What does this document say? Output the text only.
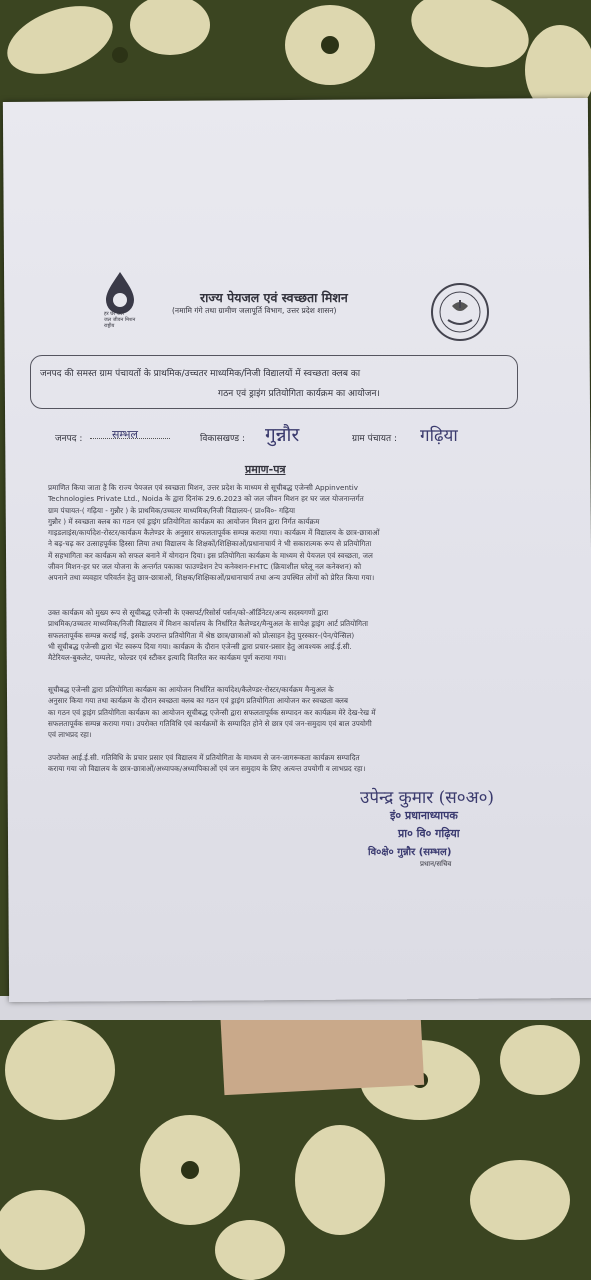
हर घर जल
जल जीवन मिशन
राष्ट्रीय
राज्य पेयजल एवं स्वच्छता मिशन
(नमामि गंगे तथा ग्रामीण जलापूर्ति विभाग, उत्तर प्रदेश शासन)
जनपद की समस्त ग्राम पंचायतों के प्राथमिक/उच्चतर माध्यमिक/निजी विद्यालयों में स्वच्छता क्लब का
गठन एवं ड्राइंग प्रतियोगिता कार्यक्रम का आयोजन।
जनपद :	सम्भल	विकासखण्ड : गुन्नौर	ग्राम पंचायत : गढ़िया
प्रमाण-पत्र
प्रमाणित किया जाता है कि राज्य पेयजल एवं स्वच्छता मिशन, उत्तर प्रदेश के माध्यम से सूचीबद्ध एजेन्सी Appinventiv
Technologies Private Ltd., Noida के द्वारा दिनांक 29.6.2023 को जल जीवन मिशन हर घर जल योजनान्तर्गत
ग्राम पंचायत-( गढ़िया - गुन्नौर ) के प्राथमिक/उच्चतर माध्यमिक/निजी विद्यालय-( प्रा०वि०- गढ़िया
गुन्नौर ) में स्वच्छता क्लब का गठन एवं ड्राइंग प्रतियोगिता कार्यक्रम का आयोजन मिशन द्वारा निर्गत कार्यक्रम
गाइडलाइंस/कार्यादेश-रोस्टर/कार्यक्रम कैलेण्डर के अनुसार सफलतापूर्वक सम्पन्न कराया गया। कार्यक्रम में विद्यालय के छात्र-छात्राओं
ने बढ़-चढ़ कर उत्साहपूर्वक हिस्सा लिया तथा विद्यालय के शिक्षकों/शिक्षिकाओं/प्रधानाचार्य ने भी सकारात्मक रूप से प्रतियोगिता
में सहभागिता कर कार्यक्रम को सफल बनाने में योगदान दिया। इस प्रतियोगिता कार्यक्रम के माध्यम से पेयजल एवं स्वच्छता, जल
जीवन मिशन-हर घर जल योजना के अन्तर्गत पकाका फाउण्डेशन टेप कनेक्शन-FHTC (क्रियाशील घरेलू नल कनेक्शन) को
अपनाने तथा व्यवहार परिवर्तन हेतु छात्र-छात्राओं, शिक्षक/शिक्षिकाओं/प्रधानाचार्य तथा अन्य उपस्थित लोगों को प्रेरित किया गया।
उक्त कार्यक्रम को मुख्य रूप से सूचीबद्ध एजेन्सी के एक्सपर्ट/रिसोर्स पर्सन/को-ऑर्डिनेटर/अन्य सदस्यगणों द्वारा
प्राथमिक/उच्चतर माध्यमिक/निजी विद्यालय में मिशन कार्यालय के निर्धारित कैलेण्डर/मैन्युअल के सापेक्ष ड्राइंग आर्ट प्रतियोगिता
सफलतापूर्वक सम्पन्न कराई गई, इसके उपरान्त प्रतियोगिता में श्रेष्ठ छात्र/छात्राओं को प्रोत्साहन हेतु पुरस्कार-(पेन/पेन्सिल)
भी सूचीबद्ध एजेन्सी द्वारा भेंट स्वरूप दिया गया। कार्यक्रम के दौरान एजेन्सी द्वारा प्रचार-प्रसार हेतु आवश्यक आई.ई.सी.
मैटेरियल-बुकलेट, पम्पलेट, फोल्डर एवं स्टीकर इत्यादि वितरित कर कार्यक्रम पूर्ण कराया गया।
सूचीबद्ध एजेन्सी द्वारा प्रतियोगिता कार्यक्रम का आयोजन निर्धारित कार्यादेश/कैलेण्डर-रोस्टर/कार्यक्रम मैन्युअल के
अनुसार किया गया तथा कार्यक्रम के दौरान स्वच्छता क्लब का गठन एवं ड्राइंग प्रतियोगिता आयोजन कर स्वच्छता क्लब
का गठन एवं ड्राइंग प्रतियोगिता कार्यक्रम का आयोजन सूचीबद्ध एजेन्सी द्वारा सफलतापूर्वक सम्पादन कर कार्यक्रम मेरे देख-रेख में
सफलतापूर्वक सम्पन्न कराया गया। उपरोक्त गतिविधि एवं कार्यक्रमों के सम्पादित होने से छात्र एवं जन-समुदाय एवं बाल उपयोगी
एवं लाभप्रद रहा।
उपरोक्त आई.ई.सी. गतिविधि के प्रचार प्रसार एवं विद्यालय में प्रतियोगिता के माध्यम से जन-जागरूकता कार्यक्रम सम्पादित
कराया गया जो विद्यालय के छात्र-छात्राओं/अध्यापक/अध्यापिकाओं एवं जन समुदाय के लिए अत्यन्त उपयोगी व लाभप्रद रहा।
उपेन्द्र कुमार (स०अ०)
इं० प्रधानाध्यापक
प्रा० वि० गढ़िया
वि०क्षे० गुन्नौर (सम्भल)
प्रधान/सचिव
